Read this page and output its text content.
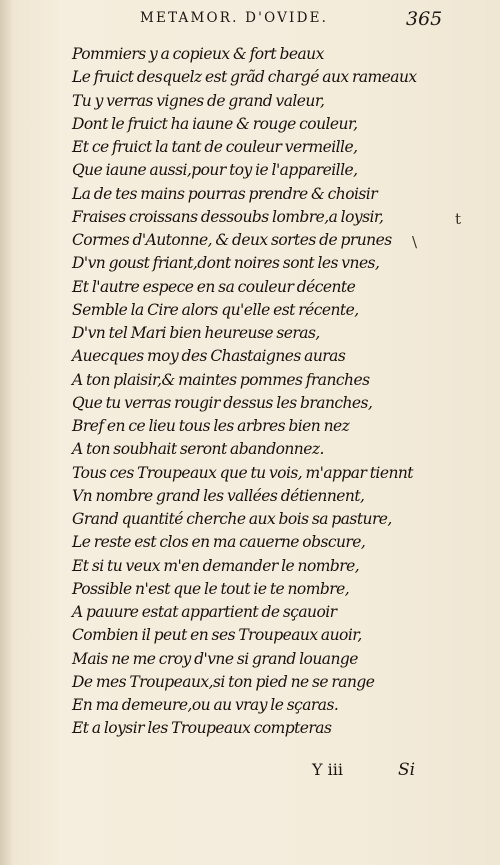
METAMOR. D'OVIDE.	365
Pommiers y a copieux & fort beaux
Le fruict desquelz est grãd chargé aux rameaux
Tu y verras vignes de grand valeur,
Dont le fruict ha iaune & rouge couleur,
Et ce fruict la tant de couleur vermeille,
Que iaune aussi,pour toy ie l'appareille,
La de tes mains pourras prendre & choisir
Fraises croissans dessoubs lombre,a loysir,
Cormes d'Autonne, & deux sortes de prunes
D'vn goust friant,dont noires sont les vnes,
Et l'autre espece en sa couleur décente
Semble la Cire alors qu'elle est récente,
D'vn tel Mari bien heureuse seras,
Auecques moy des Chastaignes auras
A ton plaisir,& maintes pommes franches
Que tu verras rougir dessus les branches,
Bref en ce lieu tous les arbres bien nez
A ton soubhait seront abandonnez.
Tous ces Troupeaux que tu vois, m'appar tiennt
Vn nombre grand les vallées détiennent,
Grand quantité cherche aux bois sa pasture,
Le reste est clos en ma cauerne obscure,
Et si tu veux m'en demander le nombre,
Possible n'est que le tout ie te nombre,
A pauure estat appartient de sçauoir
Combien il peut en ses Troupeaux auoir,
Mais ne me croy d'vne si grand louange
De mes Troupeaux,si ton pied ne se range
En ma demeure,ou au vray le sçaras.
Et a loysir les Troupeaux compteras
t
\
Y iii	Si
